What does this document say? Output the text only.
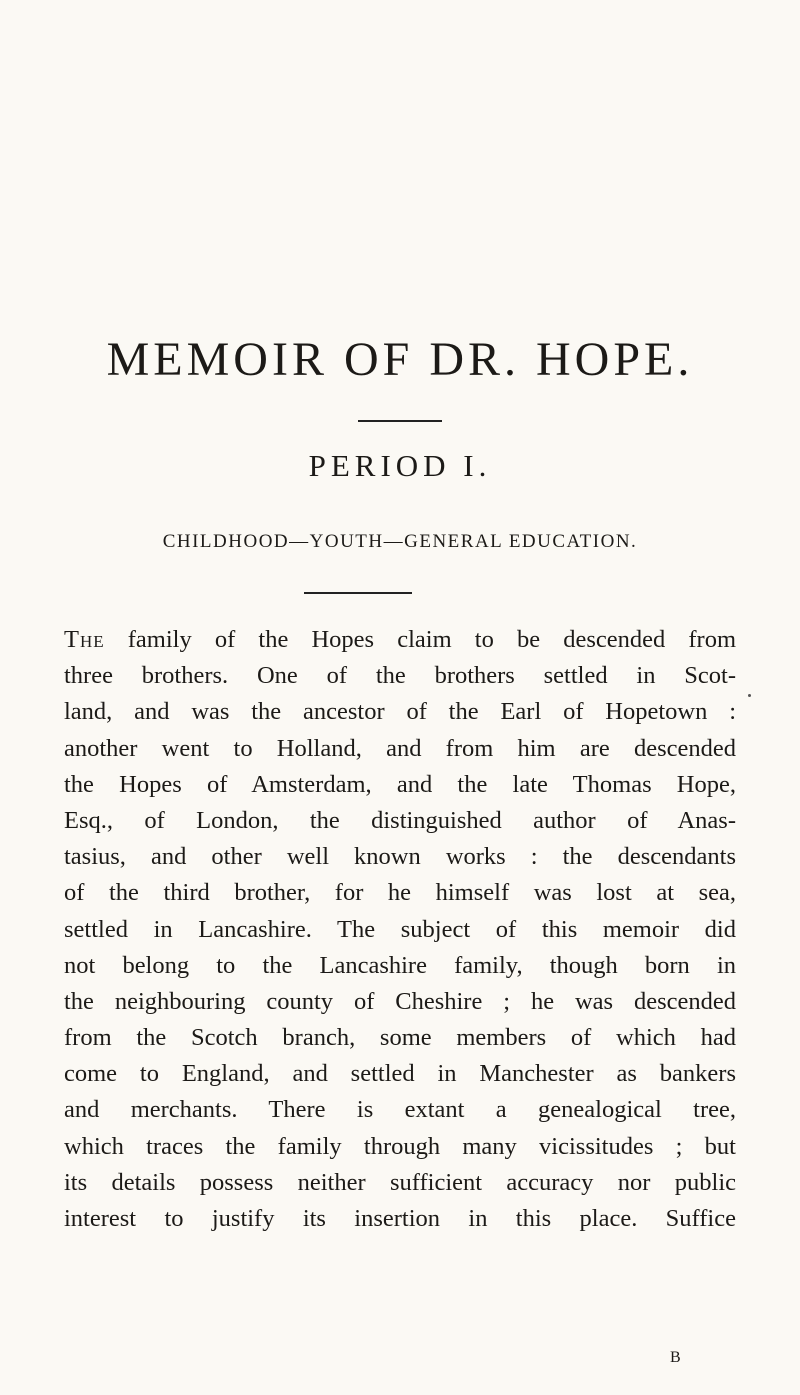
MEMOIR OF DR. HOPE.
PERIOD I.
CHILDHOOD—YOUTH—GENERAL EDUCATION.
The family of the Hopes claim to be descended from
three brothers. One of the brothers settled in Scot-
land, and was the ancestor of the Earl of Hopetown :
another went to Holland, and from him are descended
the Hopes of Amsterdam, and the late Thomas Hope,
Esq., of London, the distinguished author of Anas-
tasius, and other well known works : the descendants
of the third brother, for he himself was lost at sea,
settled in Lancashire. The subject of this memoir did
not belong to the Lancashire family, though born in
the neighbouring county of Cheshire ; he was descended
from the Scotch branch, some members of which had
come to England, and settled in Manchester as bankers
and merchants. There is extant a genealogical tree,
which traces the family through many vicissitudes ; but
its details possess neither sufficient accuracy nor public
interest to justify its insertion in this place. Suffice
B
